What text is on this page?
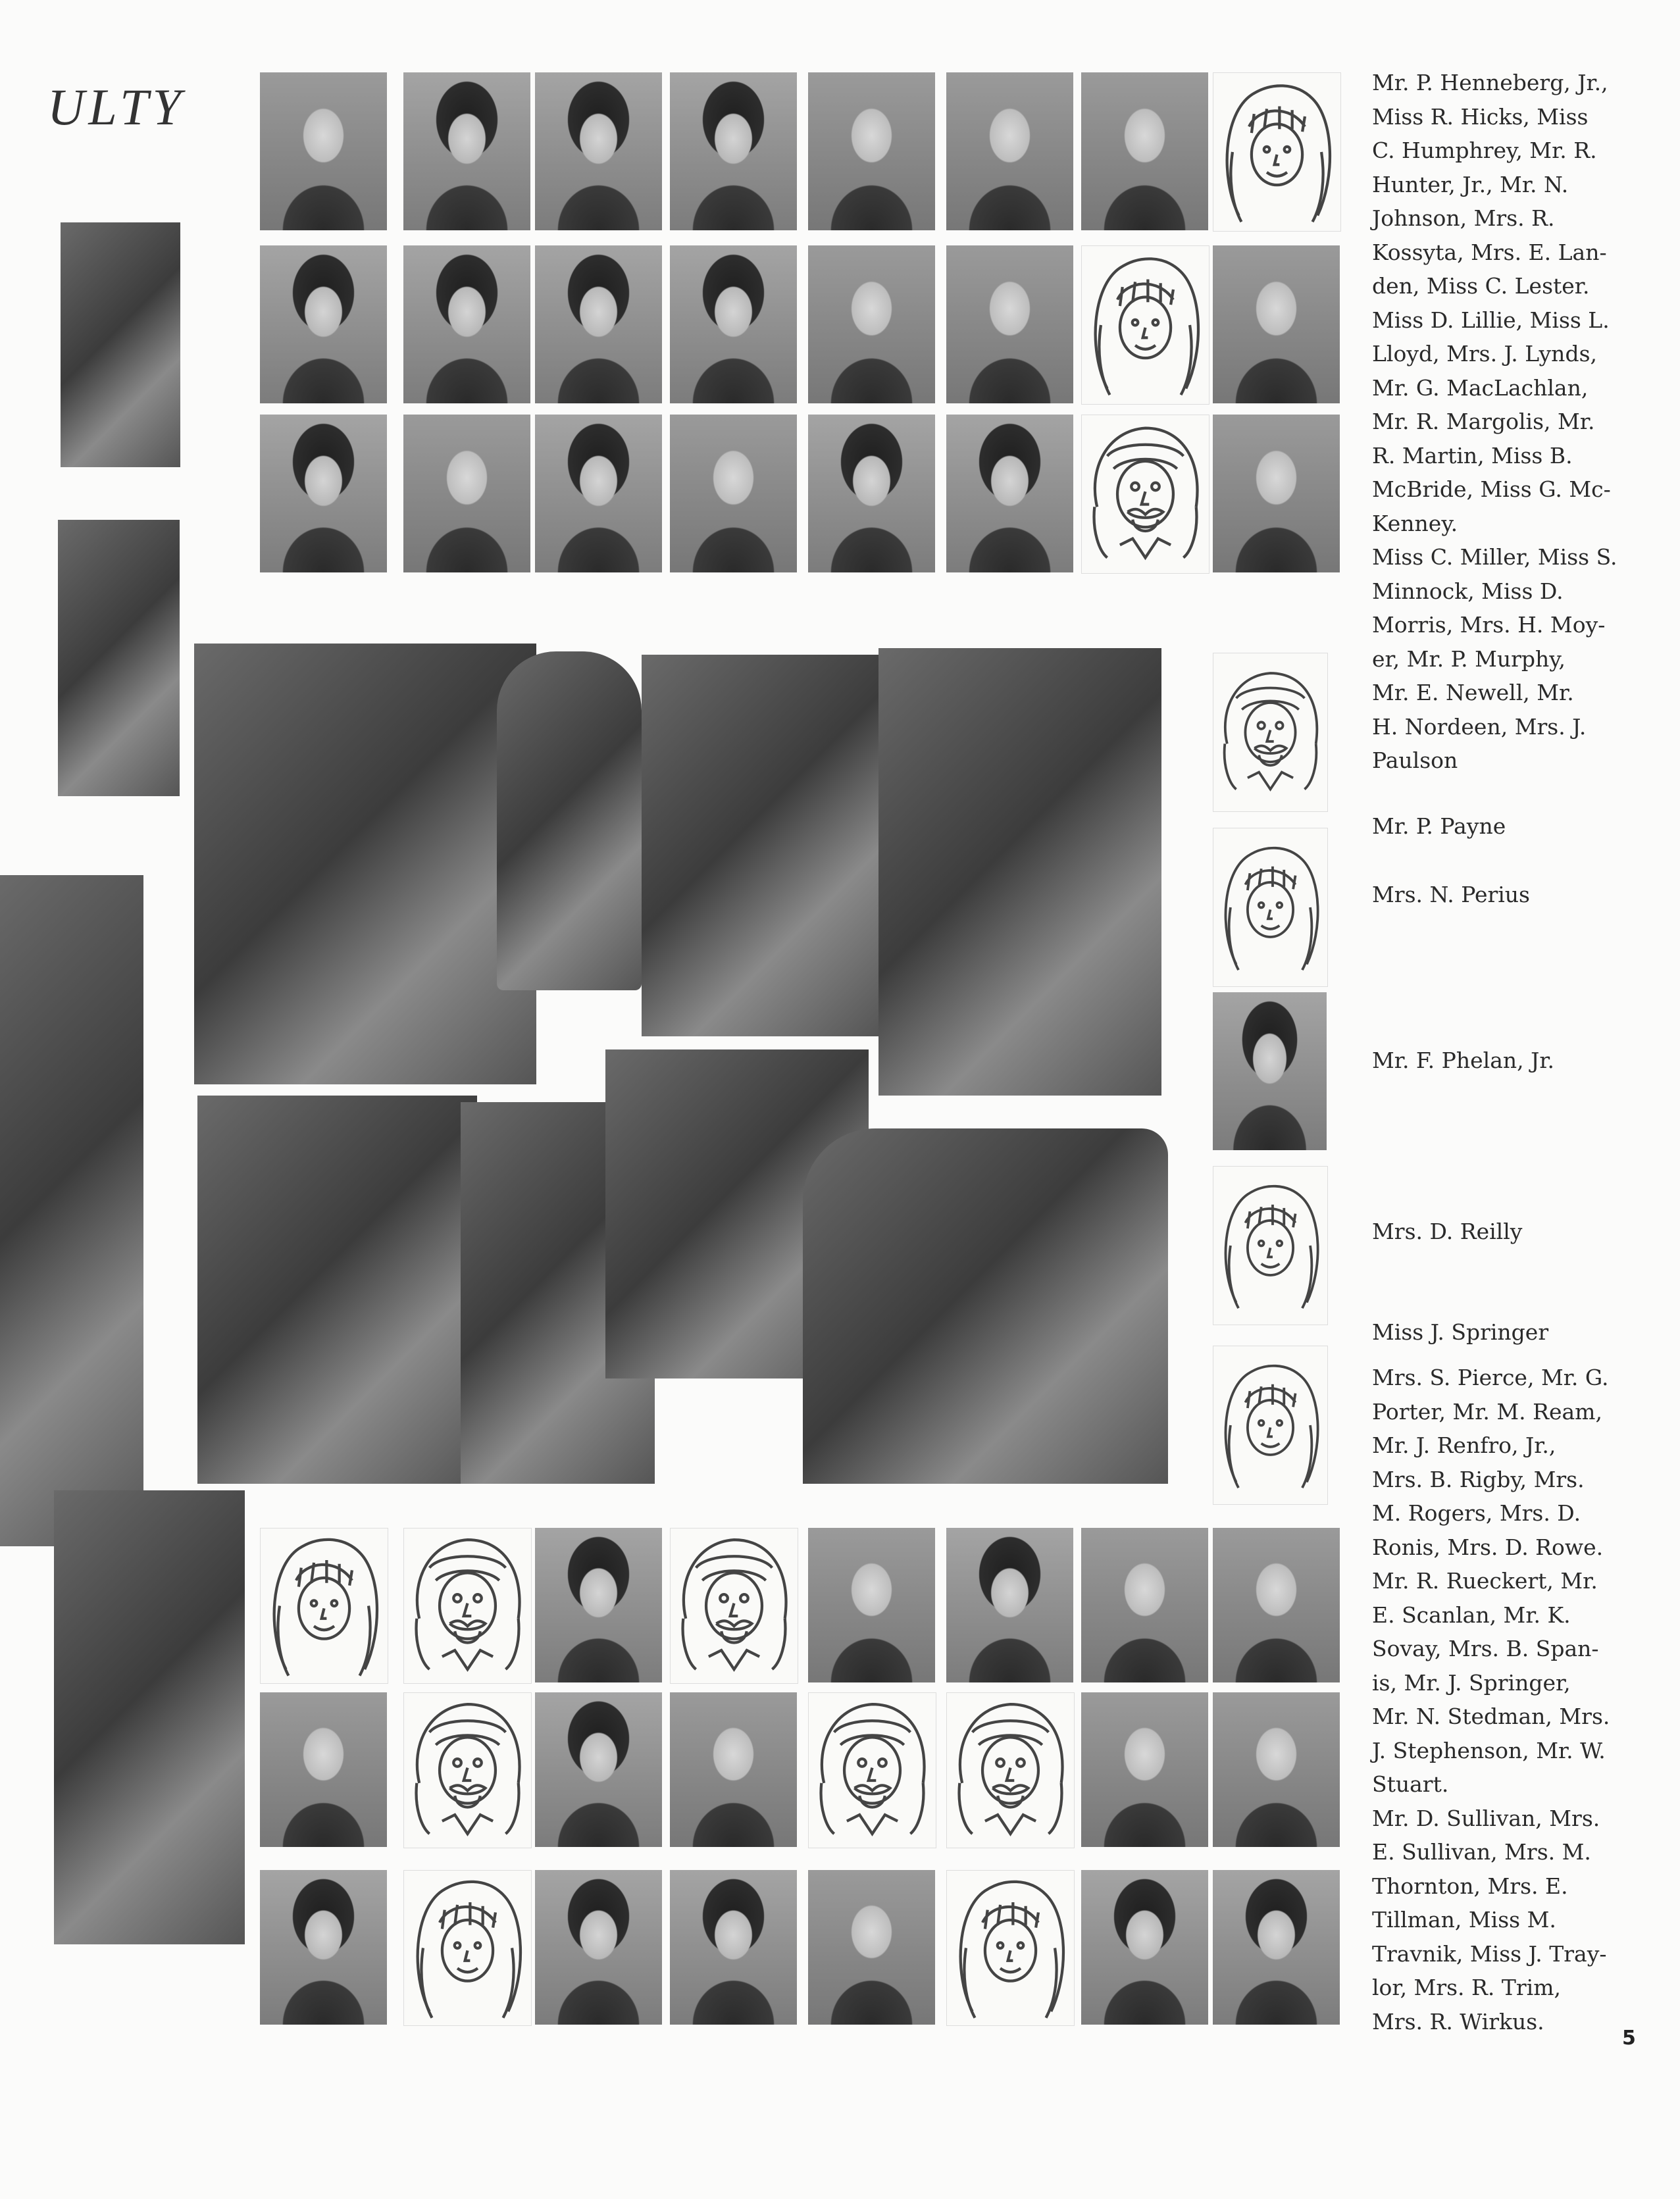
ULTY	Mr. P. Henneberg, Jr.,

Miss R. Hicks, Miss

C. Humphrey, Mr. R.

Hunter, Jr., Mr. N.

Johnson, Mrs. R.

Kossyta, Mrs. E. Lan-

den, Miss C. Lester.

Miss D. Lillie, Miss L.

Lloyd, Mrs. J. Lynds,

Mr. G. MacLachlan,

Mr. R. Margolis, Mr.

R. Martin, Miss B.

McBride, Miss G. Mc-

Kenney.

Miss C. Miller, Miss S.

Minnock, Miss D.

Morris, Mrs. H. Moy-

er, Mr. P. Murphy,

Mr. E. Newell, Mr.

H. Nordeen, Mrs. J.

Paulson

Mr. P. Payne
Mrs. N. Perius
Mr. F. Phelan, Jr.
Mrs. D. Reilly
Miss J. Springer

Mrs. S. Pierce, Mr. G.

Porter, Mr. M. Ream,

Mr. J. Renfro, Jr.,

Mrs. B. Rigby, Mrs.

M. Rogers, Mrs. D.

Ronis, Mrs. D. Rowe.

Mr. R. Rueckert, Mr.

E. Scanlan, Mr. K.

Sovay, Mrs. B. Span-

is, Mr. J. Springer,

Mr. N. Stedman, Mrs.

J. Stephenson, Mr. W.

Stuart.

Mr. D. Sullivan, Mrs.

E. Sullivan, Mrs. M.

Thornton, Mrs. E.

Tillman, Miss M.

Travnik, Miss J. Tray-

lor, Mrs. R. Trim,

Mrs. R. Wirkus.

5
